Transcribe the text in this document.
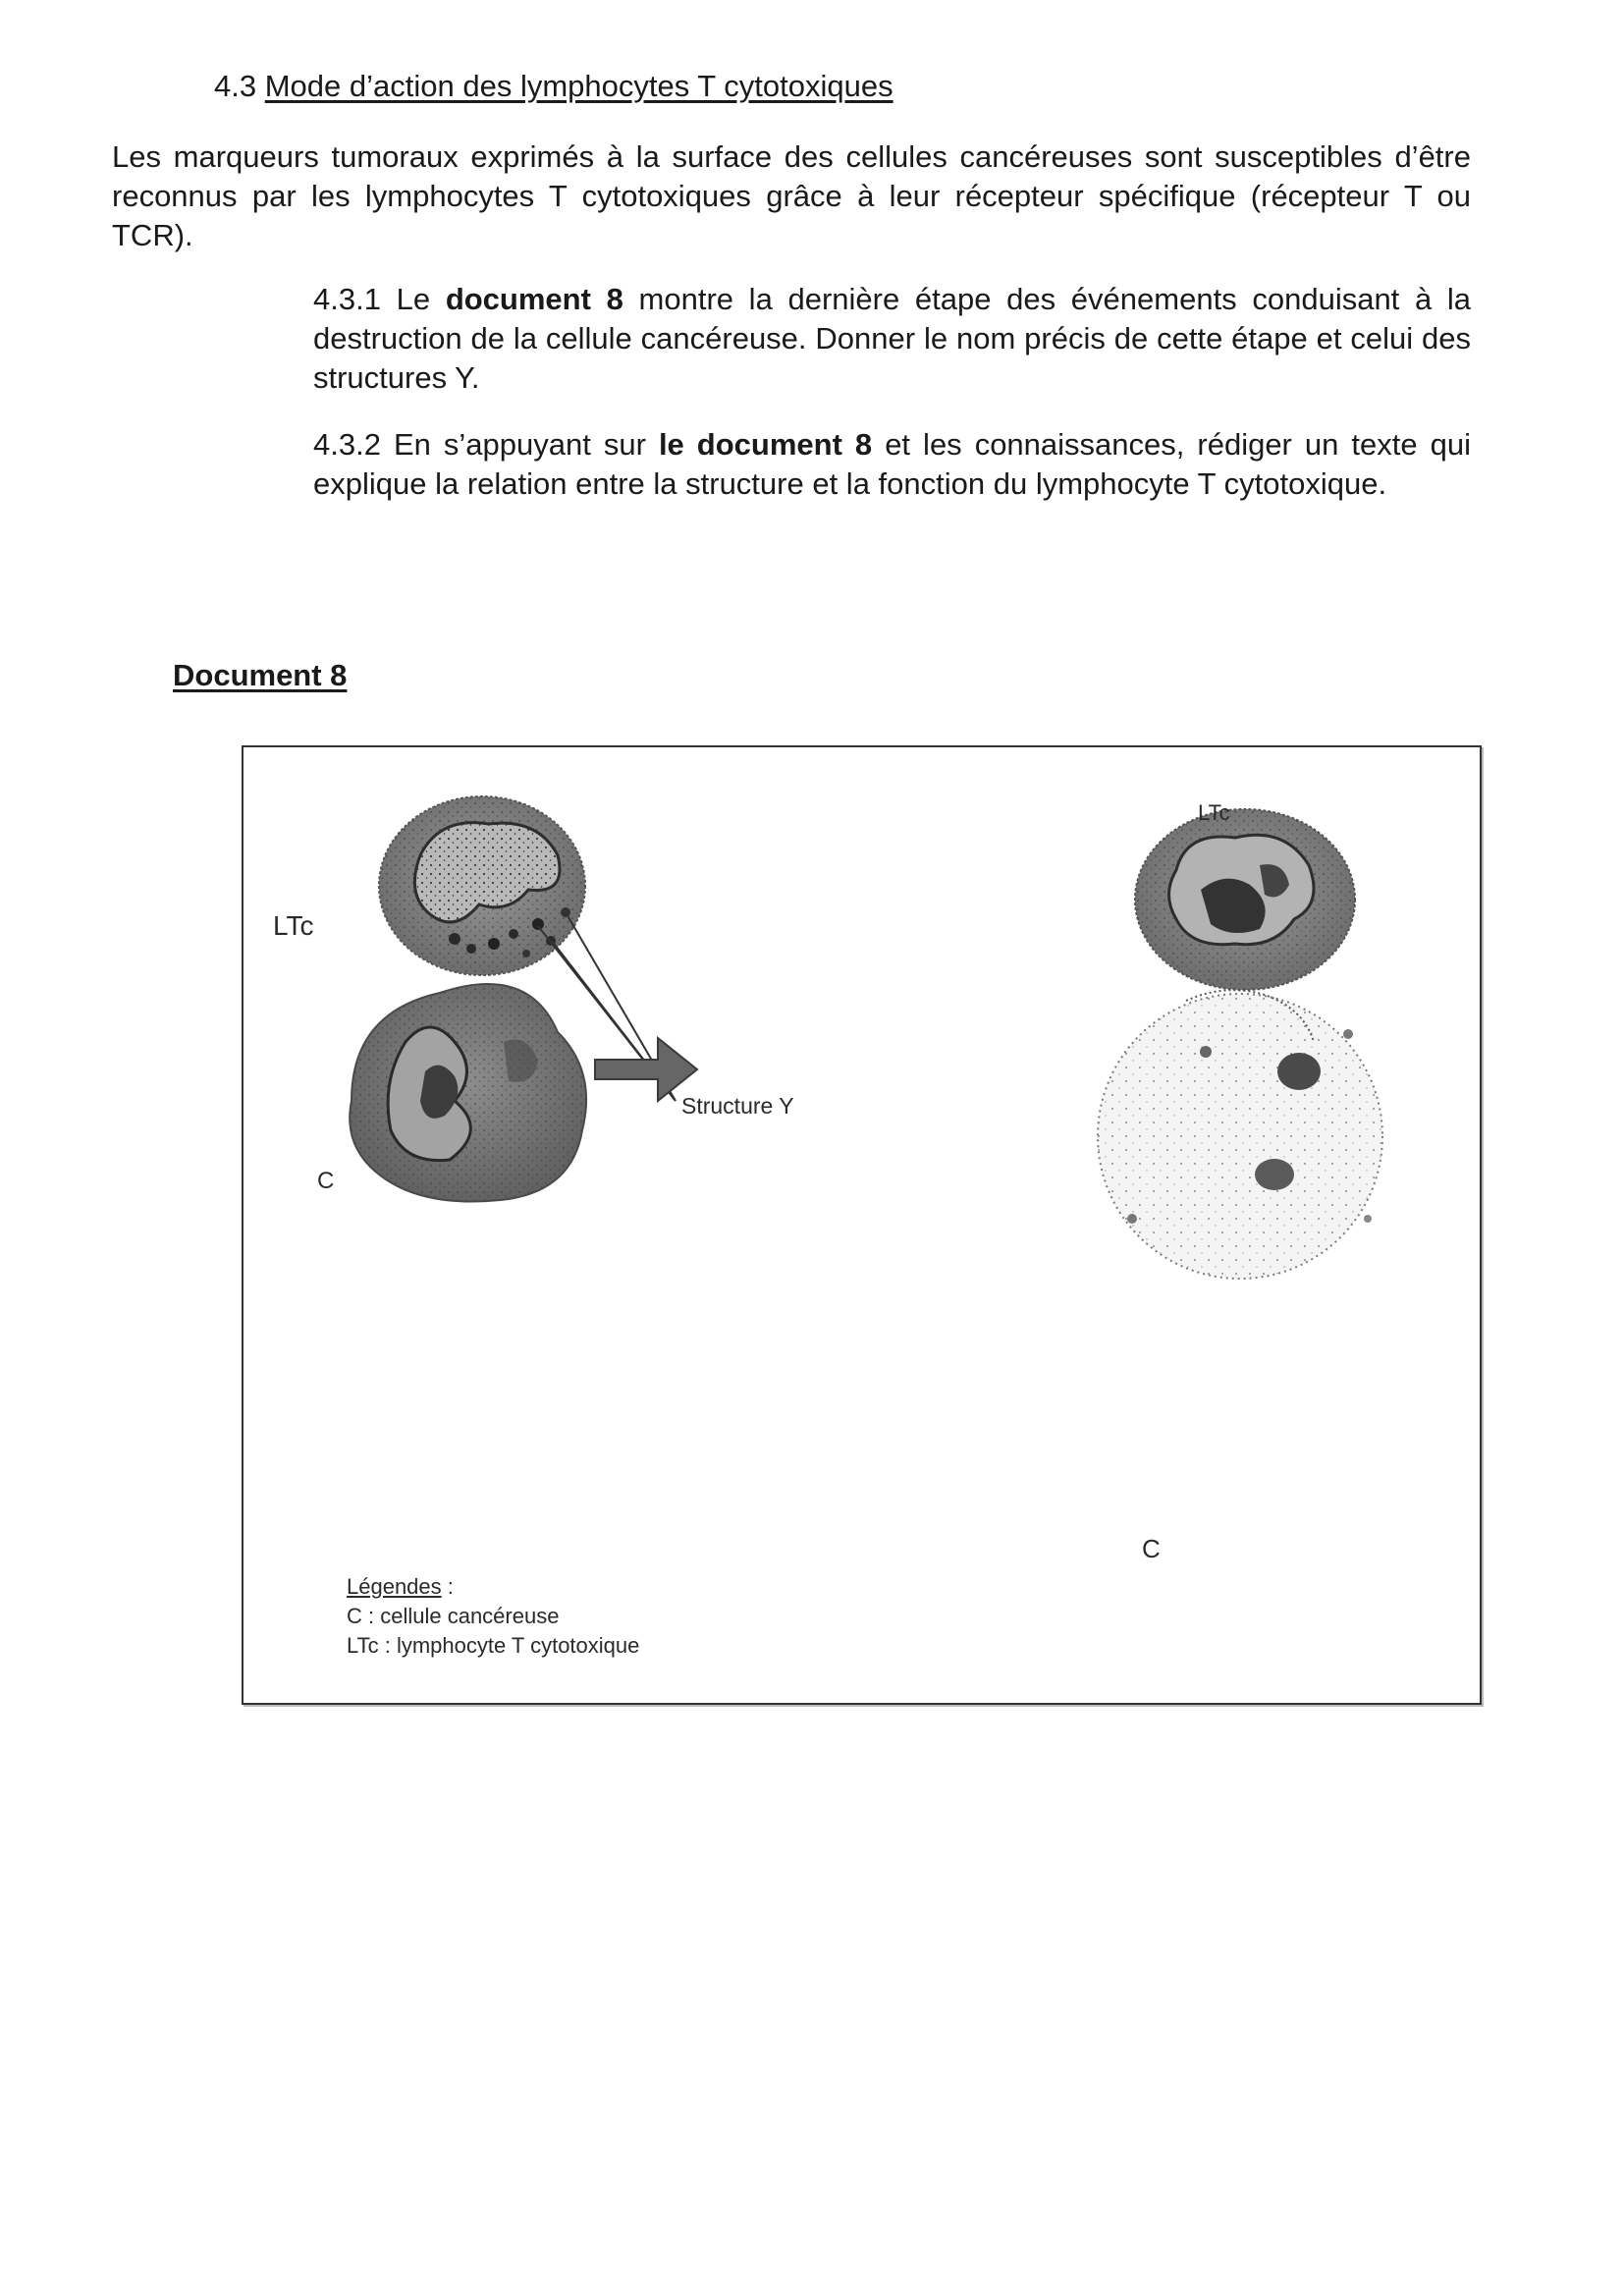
4.3 Mode d’action des lymphocytes T cytotoxiques
Les marqueurs tumoraux exprimés à la surface des cellules cancéreuses sont susceptibles d’être reconnus par les lymphocytes T cytotoxiques grâce à leur récepteur spécifique (récepteur T ou TCR).
4.3.1 Le document 8 montre la dernière étape des événements conduisant à la destruction de la cellule cancéreuse. Donner le nom précis de cette étape et celui des structures Y.
4.3.2 En s’appuyant sur le document 8 et les connaissances, rédiger un texte qui explique la relation entre la structure et la fonction du lymphocyte T cytotoxique.
Document 8
LTc
C
Structure Y
LTc
C
Légendes :
C : cellule cancéreuse
LTc : lymphocyte T cytotoxique
